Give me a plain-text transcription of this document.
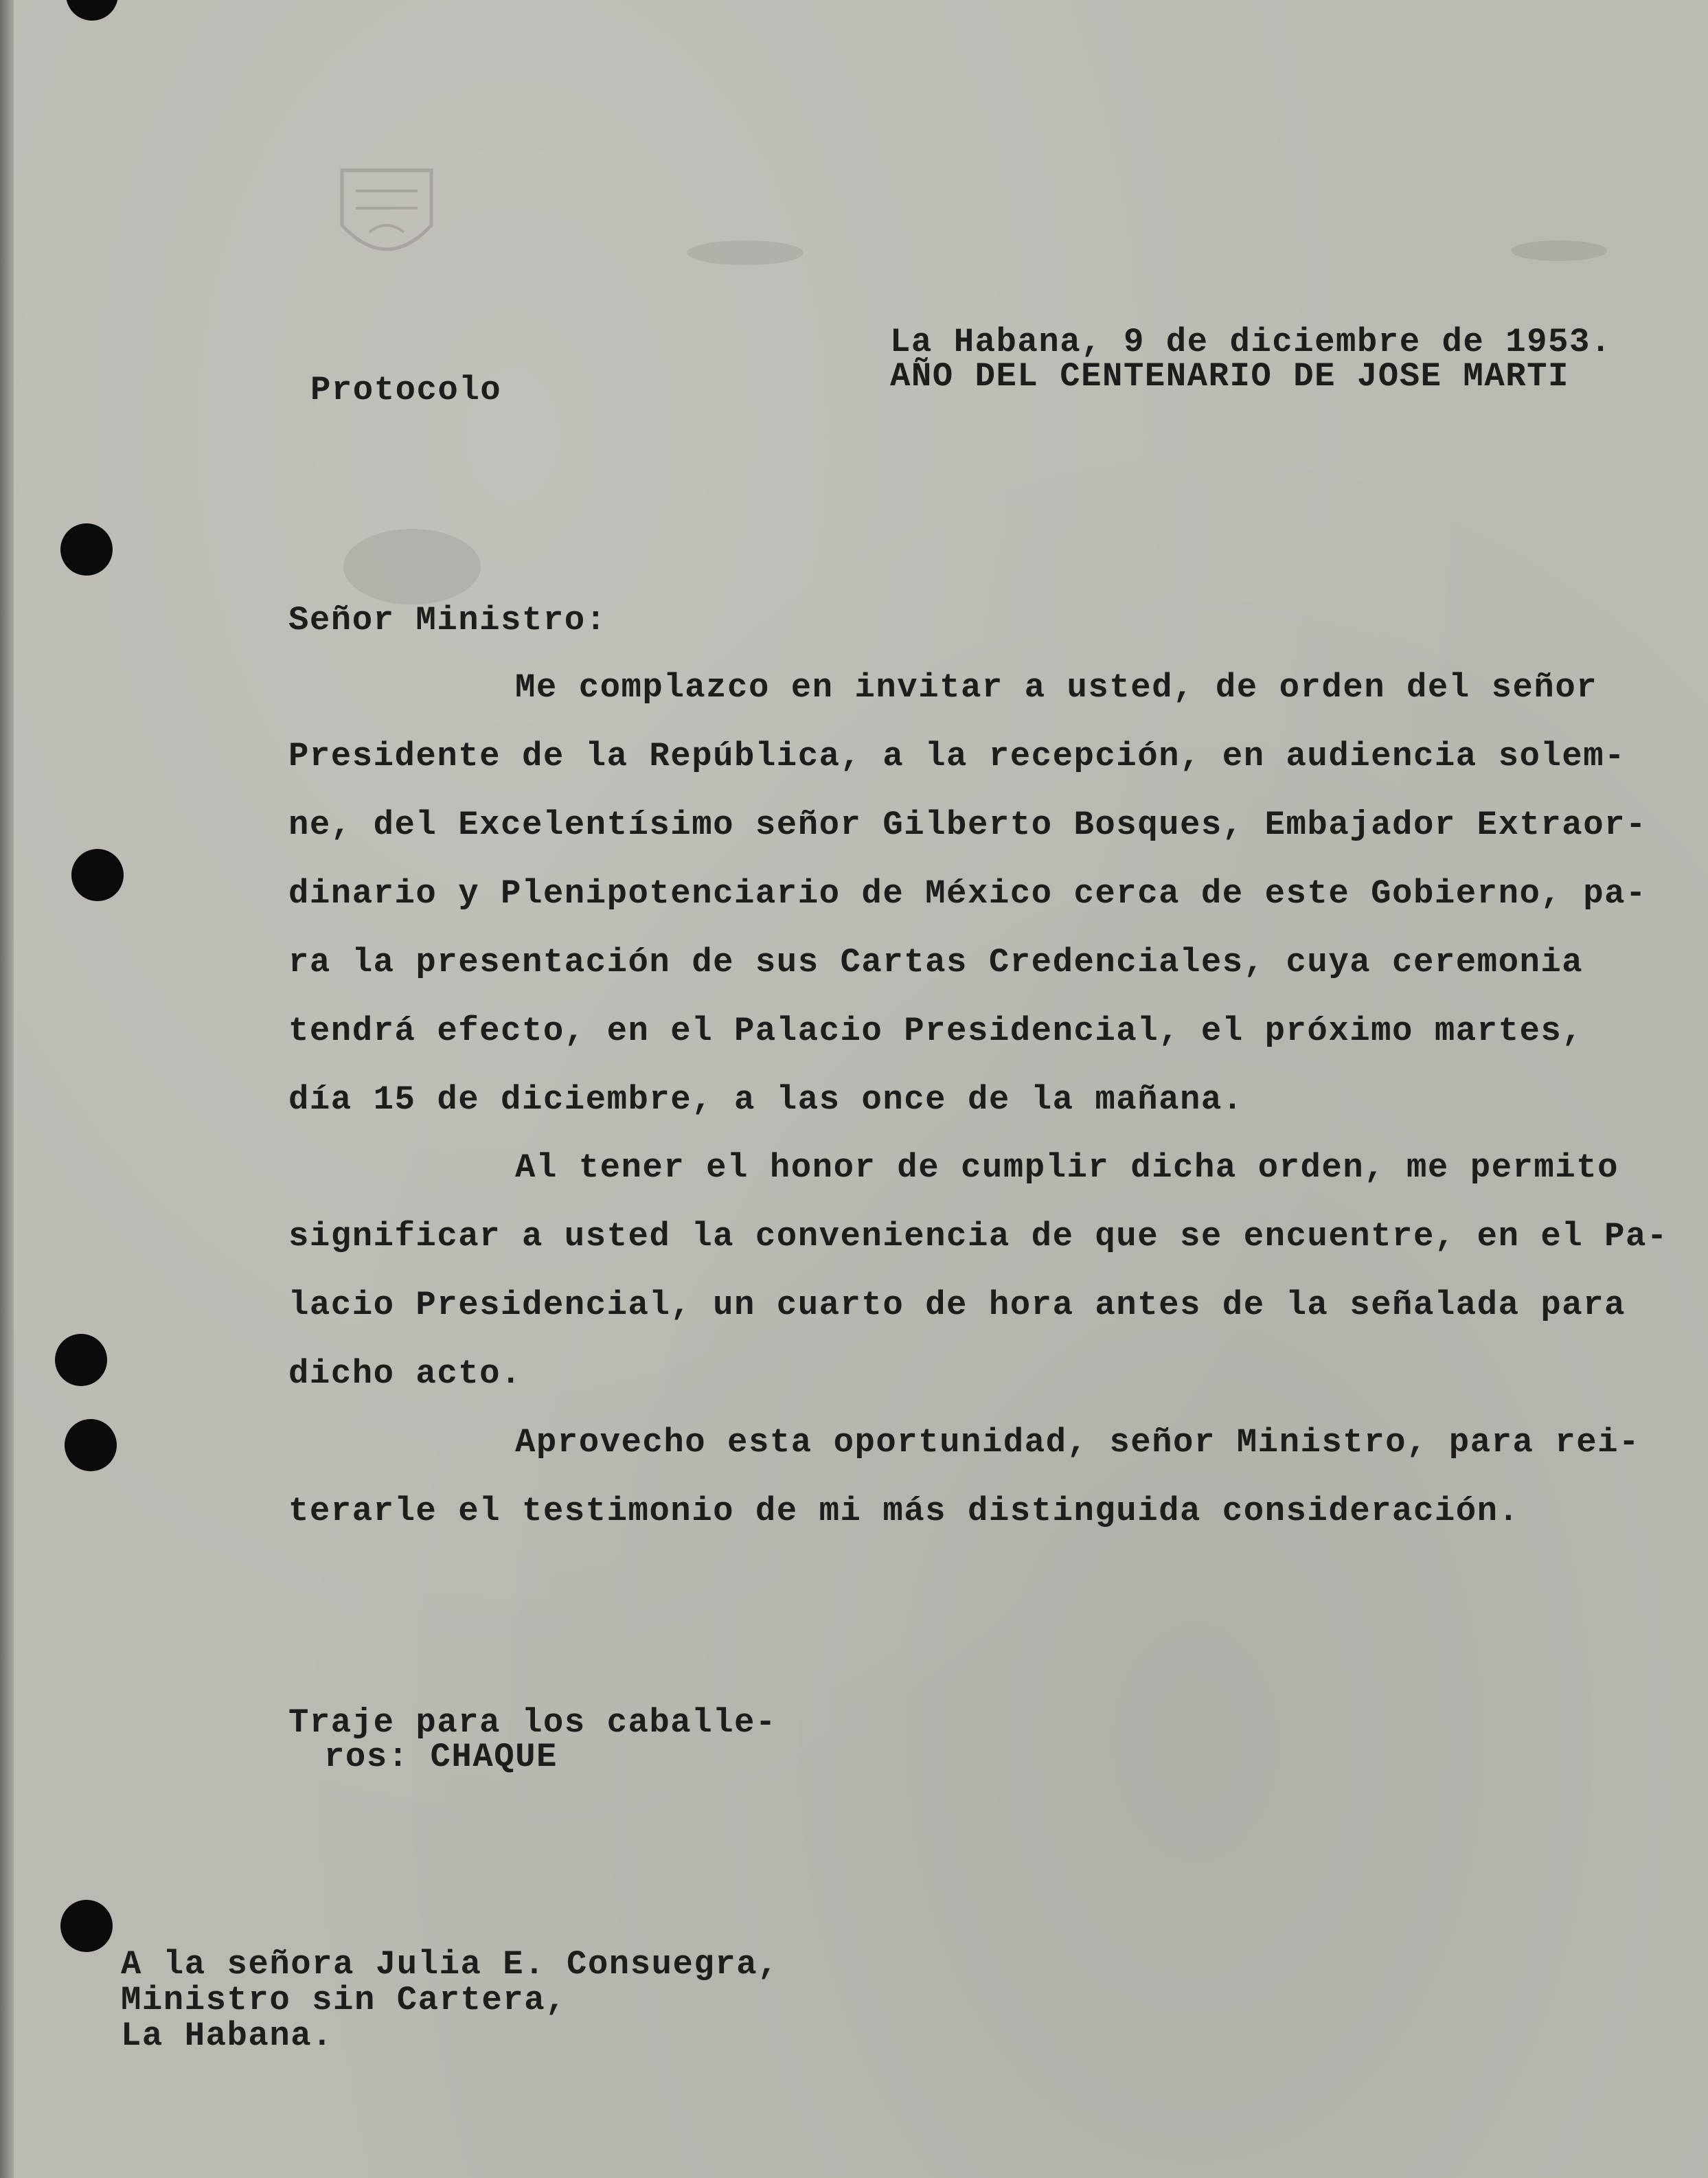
Protocolo
La Habana, 9 de diciembre de 1953.
AÑO DEL CENTENARIO DE JOSE MARTI
Señor Ministro:
Me complazco en invitar a usted, de orden del señor
Presidente de la República, a la recepción, en audiencia solem-
ne, del Excelentísimo señor Gilberto Bosques, Embajador Extraor-
dinario y Plenipotenciario de México cerca de este Gobierno, pa-
ra la presentación de sus Cartas Credenciales, cuya ceremonia
tendrá efecto, en el Palacio Presidencial, el próximo martes,
día 15 de diciembre, a las once de la mañana.
Al tener el honor de cumplir dicha orden, me permito
significar a usted la conveniencia de que se encuentre, en el Pa-
lacio Presidencial, un cuarto de hora antes de la señalada para
dicho acto.
Aprovecho esta oportunidad, señor Ministro, para rei-
terarle el testimonio de mi más distinguida consideración.
Traje para los caballe-
ros: CHAQUE
A la señora Julia E. Consuegra,
Ministro sin Cartera,
La Habana.
